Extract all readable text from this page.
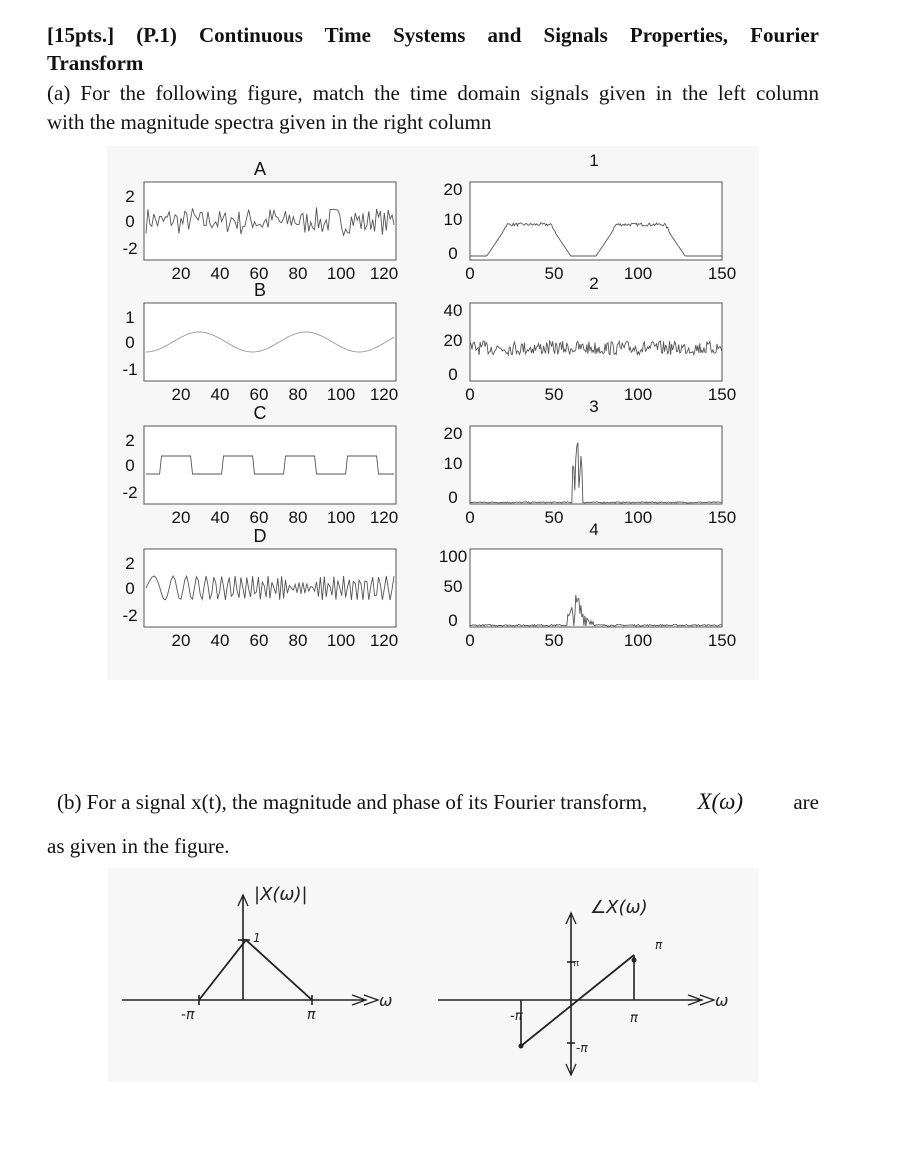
[15pts.] (P.1) Continuous Time Systems and Signals Properties, Fourier
Transform
(a) For the following figure, match the time domain signals given in the left column
with the magnitude spectra given in the right column
A
2
0
-2
20 40 60 80 100 120
B
1
0
-1
20 40 60 80 100 120
C
2
0
-2
20 40 60 80 100 120
D
2
0
-2
20 40 60 80 100 120
1
20
10
0
0	50	100	150
2
40
20
0
0	50	100	150
3
20
10
0
0	50	100	150
4
100
50
0
0	50	100	150
(b) For a signal x(t), the magnitude and phase of its Fourier transform, X(ω) are
as given in the figure.
|X(ω)|
1
-π	π
ω
∠X(ω)
π
-π
-π	π
ω
π
